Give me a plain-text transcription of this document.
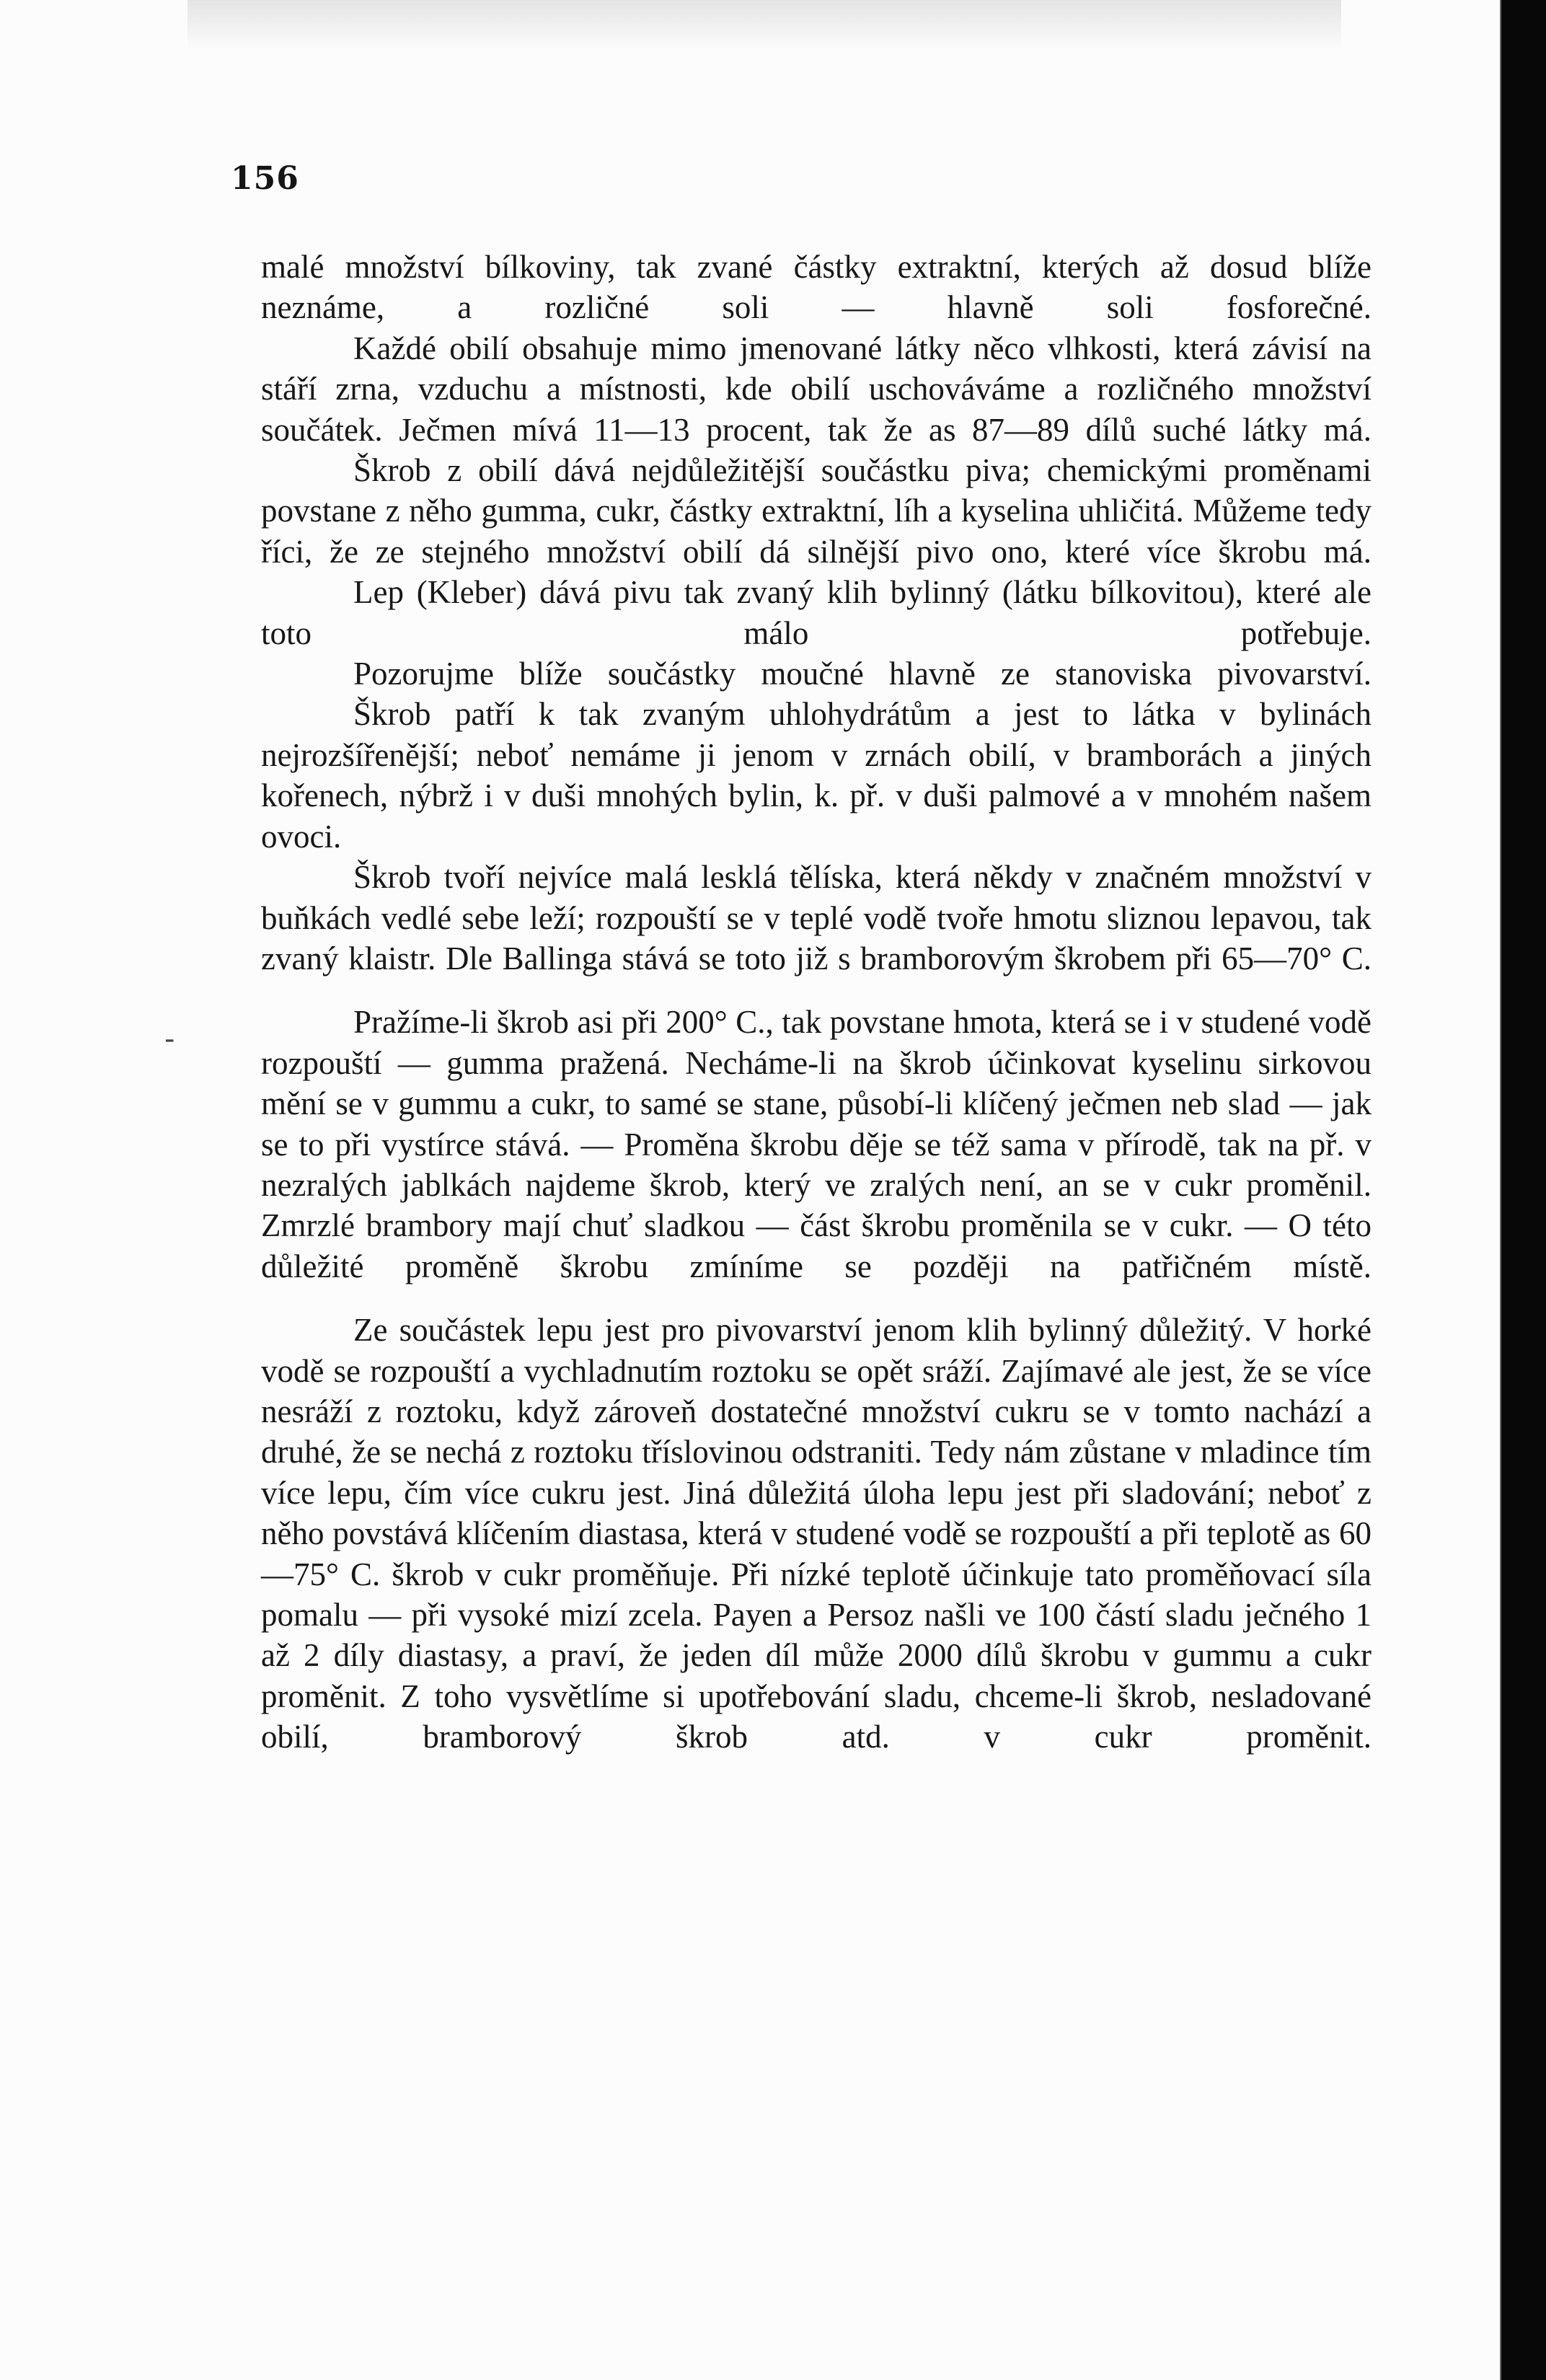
156
-

malé množství bílkoviny, tak zvané částky extraktní, kterých až dosud blíže neznáme, a rozličné soli — hlavně soli fosforečné.

Každé obilí obsahuje mimo jmenované látky něco vlhkosti, která závisí na stáří zrna, vzduchu a místnosti, kde obilí uschováváme a rozličného množství součátek. Ječmen mívá 11—13 procent, tak že as 87—89 dílů suché látky má.

Škrob z obilí dává nejdůležitější součástku piva; chemickými proměnami povstane z něho gumma, cukr, částky extraktní, líh a kyselina uhličitá. Můžeme tedy říci, že ze stejného množství obilí dá silnější pivo ono, které více škrobu má.

Lep (Kleber) dává pivu tak zvaný klih bylinný (látku bílkovitou), které ale toto málo potřebuje.

Pozorujme blíže součástky moučné hlavně ze stanoviska pivovarství.

Škrob patří k tak zvaným uhlohydrátům a jest to látka v bylinách nejrozšířenější; neboť nemáme ji jenom v zrnách obilí, v bramborách a jiných kořenech, nýbrž i v duši mnohých bylin, k. př. v duši palmové a v mnohém našem ovoci.

Škrob tvoří nejvíce malá lesklá tělíska, která někdy v značném množství v buňkách vedlé sebe leží; rozpouští se v teplé vodě tvoře hmotu sliznou lepavou, tak zvaný klaistr. Dle Ballinga stává se toto již s bramborovým škrobem při 65—70° C.

Pražíme-li škrob asi při 200° C., tak povstane hmota, která se i v studené vodě rozpouští — gumma pražená. Necháme-li na škrob účinkovat kyselinu sirkovou mění se v gummu a cukr, to samé se stane, působí-li klíčený ječmen neb slad — jak se to při vystírce stává. — Proměna škrobu děje se též sama v přírodě, tak na př. v nezralých jablkách najdeme škrob, který ve zralých není, an se v cukr proměnil. Zmrzlé brambory mají chuť sladkou — část škrobu proměnila se v cukr. — O této důležité proměně škrobu zmíníme se později na patřičném místě.

Ze součástek lepu jest pro pivovarství jenom klih bylinný důležitý. V horké vodě se rozpouští a vychladnutím roztoku se opět sráží. Zajímavé ale jest, že se více nesráží z roztoku, když zároveň dostatečné množství cukru se v tomto nachází a druhé, že se nechá z roztoku tříslovinou odstraniti. Tedy nám zůstane v mladince tím více lepu, čím více cukru jest. Jiná důležitá úloha lepu jest při sladování; neboť z něho povstává klíčením diastasa, která v studené vodě se rozpouští a při teplotě as 60—75° C. škrob v cukr proměňuje. Při nízké teplotě účinkuje tato proměňovací síla pomalu — při vysoké mizí zcela. Payen a Persoz našli ve 100 částí sladu ječného 1 až 2 díly diastasy, a praví, že jeden díl může 2000 dílů škrobu v gummu a cukr proměnit. Z toho vysvětlíme si upotřebování sladu, chceme-li škrob, nesladované obilí, bramborový škrob atd. v cukr proměnit.
